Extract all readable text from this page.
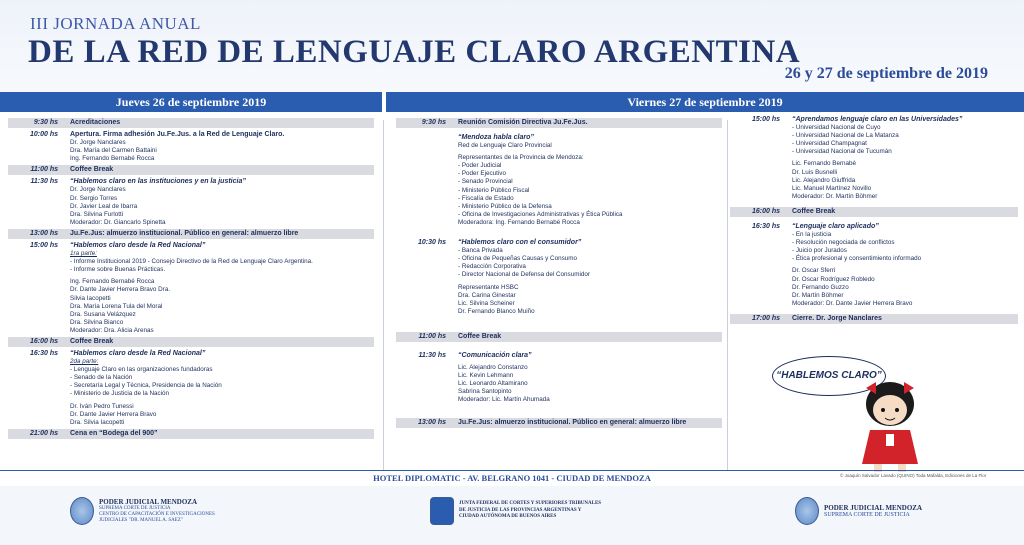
III JORNADA ANUAL
DE LA RED DE LENGUAJE CLARO ARGENTINA
26 y 27 de septiembre de 2019
Jueves 26 de septiembre 2019	Viernes 27 de septiembre 2019
9:30 hs Acreditaciones
10:00 hs Apertura. Firma adhesión Ju.Fe.Jus. a la Red de Lenguaje Claro.
Dr. Jorge Nanclares
Dra. María del Carmen Battaini
Ing. Fernando Bernabé Rocca
11:00 hs Coffee Break
11:30 hs “Hablemos claro en las instituciones y en la justicia”
Dr. Jorge Nanclares
Dr. Sergio Torres
Dr. Javier Leal de Ibarra
Dra. Silvina Furlotti
Moderador: Dr. Giancarlo Spinetta
13:00 hs Ju.Fe.Jus: almuerzo institucional. Público en general: almuerzo libre
15:00 hs “Hablemos claro desde la Red Nacional”
1ra parte:
- Informe Institucional 2019 - Consejo Directivo de la Red de Lenguaje Claro Argentina.
- Informe sobre Buenas Prácticas.
Ing. Fernando Bernabé Rocca
Dr. Dante Javier Herrera Bravo Dra.
Silvia Iacopetti
Dra. María Lorena Tula del Moral
Dra. Susana Velázquez
Dra. Silvina Bianco
Moderador: Dra. Alicia Arenas
16:00 hs Coffee Break
16:30 hs “Hablemos claro desde la Red Nacional”
2da parte:
- Lenguaje Claro en las organizaciones fundadoras
- Senado de la Nación
- Secretaría Legal y Técnica, Presidencia de la Nación
- Ministerio de Justicia de la Nación
Dr. Iván Pedro Tunessi
Dr. Dante Javier Herrera Bravo
Dra. Silvia Iacopetti
21:00 hs Cena en “Bodega del 900”
9:30 hs Reunión Comisión Directiva Ju.Fe.Jus.
“Mendoza habla claro”
Red de Lenguaje Claro Provincial
Representantes de la Provincia de Mendoza:
- Poder Judicial
- Poder Ejecutivo
- Senado Provincial
- Ministerio Público Fiscal
- Fiscalía de Estado
- Ministerio Público de la Defensa
- Oficina de Investigaciones Administrativas y Ética Pública
Moderadora: Ing. Fernando Bernabé Rocca
10:30 hs “Hablemos claro con el consumidor”
- Banca Privada
- Oficina de Pequeñas Causas y Consumo
- Redacción Corporativa
- Director Nacional de Defensa del Consumidor
Representante HSBC
Dra. Carina Ginestar
Lic. Silvina Scheiner
Dr. Fernando Blanco Muiño
11:00 hs Coffee Break
11:30 hs “Comunicación clara”
Lic. Alejandro Constanzo
Lic. Kevin Lehmann
Lic. Leonardo Altamirano
Sabrina Santopinto
Moderador: Lic. Martín Ahumada
13:00 hs Ju.Fe.Jus: almuerzo institucional. Público en general: almuerzo libre
15:00 hs “Aprendamos lenguaje claro en las Universidades”
- Universidad Nacional de Cuyo
- Universidad Nacional de La Matanza
- Universidad Champagnat
- Universidad Nacional de Tucumán
Lic. Fernando Bernabé
Dr. Luis Busnelli
Lic. Alejandro Giuffrida
Lic. Manuel Martínez Novillo
Moderador: Dr. Martín Böhmer
16:00 hs Coffee Break
16:30 hs “Lenguaje claro aplicado”
- En la justicia
- Resolución negociada de conflictos
- Juicio por Jurados
- Ética profesional y consentimiento informado
Dr. Oscar Sferri
Dr. Oscar Rodríguez Robledo
Dr. Fernando Guzzo
Dr. Martín Böhmer
Moderador: Dr. Dante Javier Herrera Bravo
17:00 hs Cierre. Dr. Jorge Nanclares
“HABLEMOS CLARO”
© Joaquín Salvador Lavado (QUINO) Toda Mafalda, Ediciones de La Flor
HOTEL DIPLOMATIC - AV. BELGRANO 1041 - CIUDAD DE MENDOZA
PODER JUDICIAL MENDOZA
SUPREMA CORTE DE JUSTICIA
CENTRO DE CAPACITACIÓN E INVESTIGACIONES
JUDICIALES "DR. MANUEL A. SAEZ"
JUNTA FEDERAL DE CORTES Y SUPERIORES TRIBUNALES
DE JUSTICIA DE LAS PROVINCIAS ARGENTINAS Y
CIUDAD AUTÓNOMA DE BUENOS AIRES
PODER JUDICIAL MENDOZA
SUPREMA CORTE DE JUSTICIA
